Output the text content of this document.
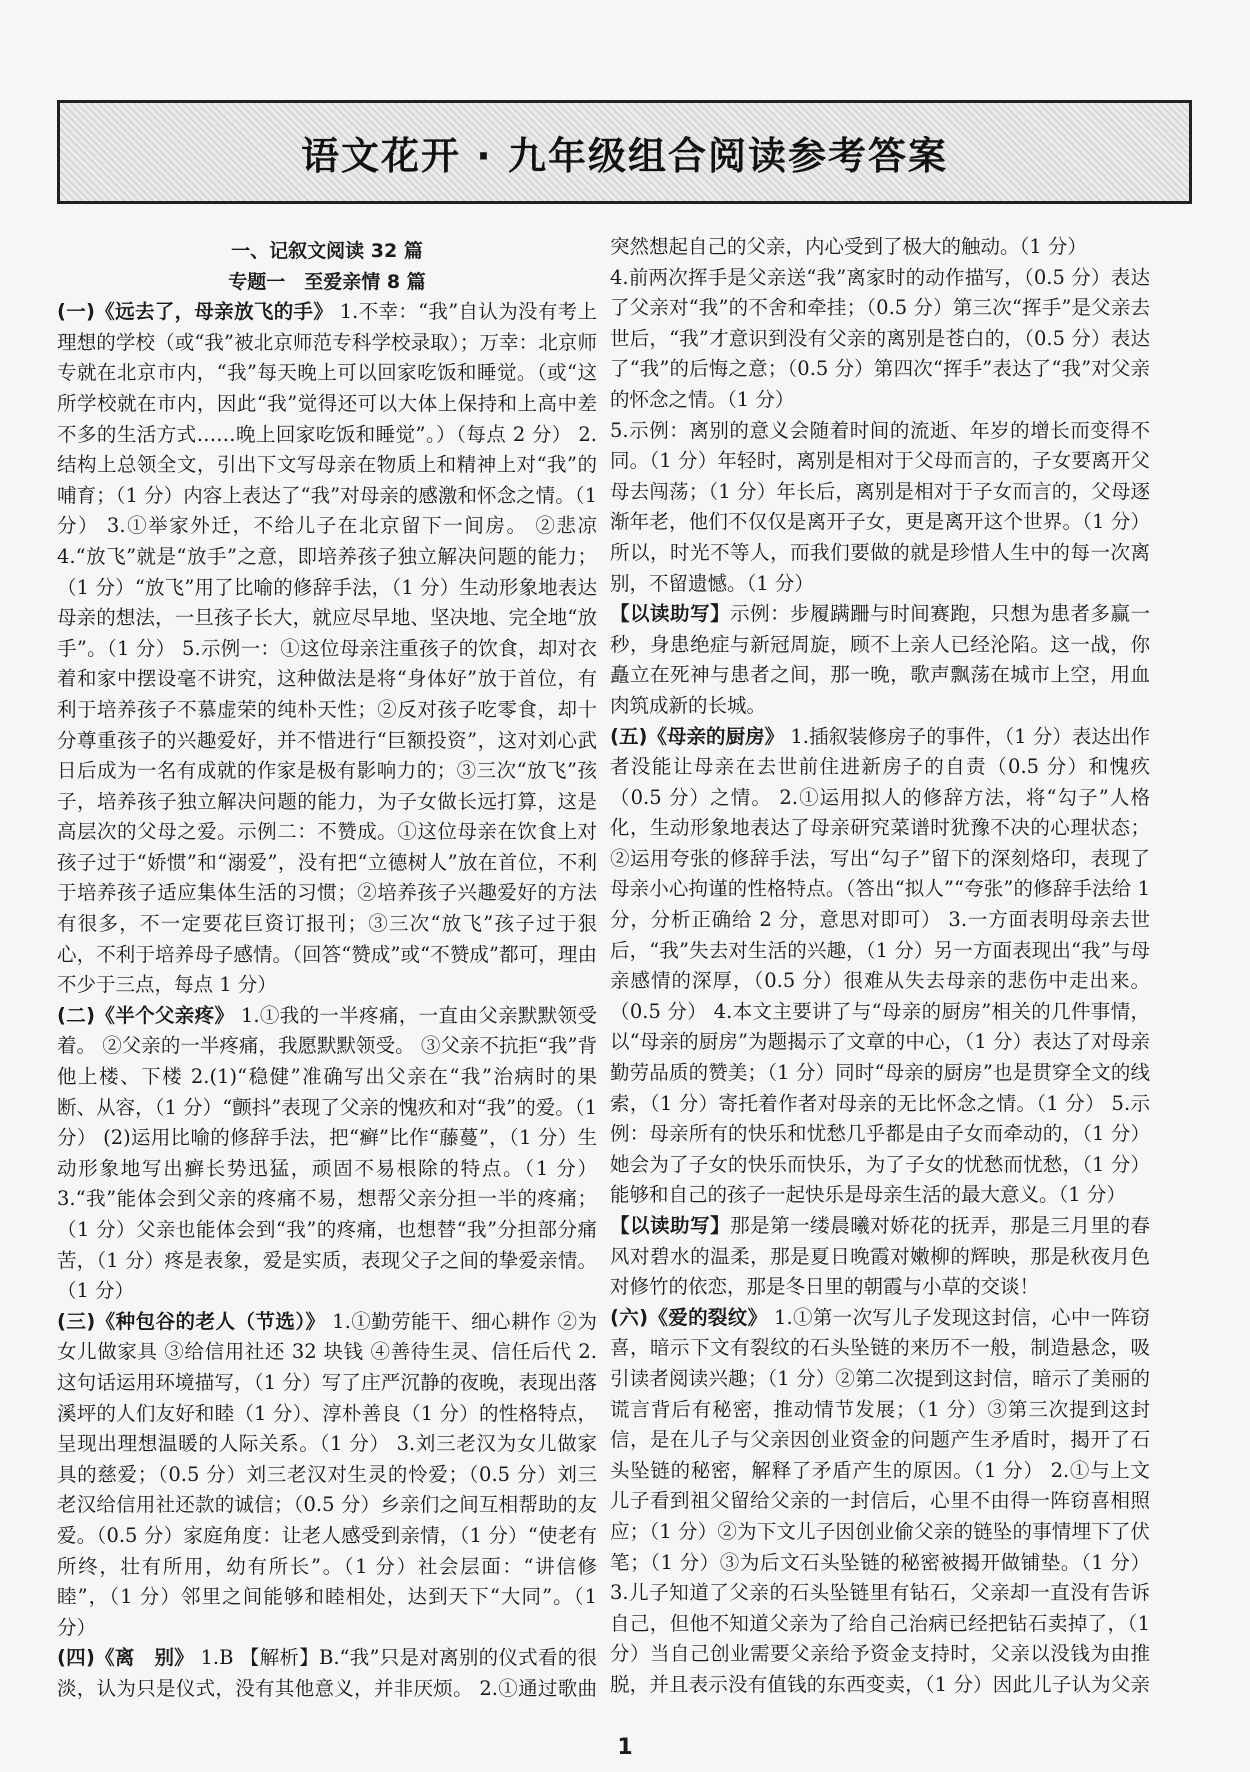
语文花开 · 九年级组合阅读参考答案

一、记叙文阅读 32 篇

专题一　至爱亲情 8 篇

(一)《远去了，母亲放飞的手》 1.不幸：“我”自认为没有考上理想的学校（或“我”被北京师范专科学校录取）；万幸：北京师专就在北京市内，“我”每天晚上可以回家吃饭和睡觉。（或“这所学校就在市内，因此“我”觉得还可以大体上保持和上高中差不多的生活方式……晚上回家吃饭和睡觉”。）（每点 2 分） 2.结构上总领全文，引出下文写母亲在物质上和精神上对“我”的哺育；（1 分）内容上表达了“我”对母亲的感激和怀念之情。（1 分） 3.①举家外迁，不给儿子在北京留下一间房。 ②悲凉 4.“放飞”就是“放手”之意，即培养孩子独立解决问题的能力；（1 分）“放飞”用了比喻的修辞手法，（1 分）生动形象地表达母亲的想法，一旦孩子长大，就应尽早地、坚决地、完全地“放手”。（1 分） 5.示例一：①这位母亲注重孩子的饮食，却对衣着和家中摆设毫不讲究，这种做法是将“身体好”放于首位，有利于培养孩子不慕虚荣的纯朴天性；②反对孩子吃零食，却十分尊重孩子的兴趣爱好，并不惜进行“巨额投资”，这对刘心武日后成为一名有成就的作家是极有影响力的；③三次“放飞”孩子，培养孩子独立解决问题的能力，为子女做长远打算，这是高层次的父母之爱。示例二：不赞成。①这位母亲在饮食上对孩子过于“娇惯”和“溺爱”，没有把“立德树人”放在首位，不利于培养孩子适应集体生活的习惯；②培养孩子兴趣爱好的方法有很多，不一定要花巨资订报刊；③三次“放飞”孩子过于狠心，不利于培养母子感情。（回答“赞成”或“不赞成”都可，理由不少于三点，每点 1 分）

(二)《半个父亲疼》 1.①我的一半疼痛，一直由父亲默默领受着。 ②父亲的一半疼痛，我愿默默领受。 ③父亲不抗拒“我”背他上楼、下楼 2.(1)“稳健”准确写出父亲在“我”治病时的果断、从容，（1 分）“颤抖”表现了父亲的愧疚和对“我”的爱。（1 分） (2)运用比喻的修辞手法，把“癣”比作“藤蔓”，（1 分）生动形象地写出癣长势迅猛，顽固不易根除的特点。（1 分） 3.“我”能体会到父亲的疼痛不易，想帮父亲分担一半的疼痛；（1 分）父亲也能体会到“我”的疼痛，也想替“我”分担部分痛苦，（1 分）疼是表象，爱是实质，表现父子之间的挚爱亲情。（1 分）

(三)《种包谷的老人（节选）》 1.①勤劳能干、细心耕作 ②为女儿做家具 ③给信用社还 32 块钱 ④善待生灵、信任后代 2.这句话运用环境描写，（1 分）写了庄严沉静的夜晚，表现出落溪坪的人们友好和睦（1 分）、淳朴善良（1 分）的性格特点，呈现出理想温暖的人际关系。（1 分） 3.刘三老汉为女儿做家具的慈爱；（0.5 分）刘三老汉对生灵的怜爱；（0.5 分）刘三老汉给信用社还款的诚信；（0.5 分）乡亲们之间互相帮助的友爱。（0.5 分）家庭角度：让老人感受到亲情，（1 分）“使老有所终，壮有所用，幼有所长”。（1 分）社会层面：“讲信修睦”，（1 分）邻里之间能够和睦相处，达到天下“大同”。（1 分）

(四)《离　别》 1.B 【解析】B.“我”只是对离别的仪式看的很淡，认为只是仪式，没有其他意义，并非厌烦。 2.①通过歌曲

突然想起自己的父亲，内心受到了极大的触动。（1 分）

4.前两次挥手是父亲送“我”离家时的动作描写，（0.5 分）表达了父亲对“我”的不舍和牵挂；（0.5 分）第三次“挥手”是父亲去世后，“我”才意识到没有父亲的离别是苍白的，（0.5 分）表达了“我”的后悔之意；（0.5 分）第四次“挥手”表达了“我”对父亲的怀念之情。（1 分）

5.示例：离别的意义会随着时间的流逝、年岁的增长而变得不同。（1 分）年轻时，离别是相对于父母而言的，子女要离开父母去闯荡；（1 分）年长后，离别是相对于子女而言的，父母逐渐年老，他们不仅仅是离开子女，更是离开这个世界。（1 分）所以，时光不等人，而我们要做的就是珍惜人生中的每一次离别，不留遗憾。（1 分）

【以读助写】示例：步履蹒跚与时间赛跑，只想为患者多赢一秒，身患绝症与新冠周旋，顾不上亲人已经沦陷。这一战，你矗立在死神与患者之间，那一晚，歌声飘荡在城市上空，用血肉筑成新的长城。

(五)《母亲的厨房》 1.插叙装修房子的事件，（1 分）表达出作者没能让母亲在去世前住进新房子的自责（0.5 分）和愧疚（0.5 分）之情。 2.①运用拟人的修辞方法，将“勾子”人格化，生动形象地表达了母亲研究菜谱时犹豫不决的心理状态；②运用夸张的修辞手法，写出“勾子”留下的深刻烙印，表现了母亲小心拘谨的性格特点。（答出“拟人”“夸张”的修辞手法给 1 分，分析正确给 2 分，意思对即可） 3.一方面表明母亲去世后，“我”失去对生活的兴趣，（1 分）另一方面表现出“我”与母亲感情的深厚，（0.5 分）很难从失去母亲的悲伤中走出来。（0.5 分） 4.本文主要讲了与“母亲的厨房”相关的几件事情，以“母亲的厨房”为题揭示了文章的中心，（1 分）表达了对母亲勤劳品质的赞美；（1 分）同时“母亲的厨房”也是贯穿全文的线索，（1 分）寄托着作者对母亲的无比怀念之情。（1 分） 5.示例：母亲所有的快乐和忧愁几乎都是由子女而牵动的，（1 分）她会为了子女的快乐而快乐，为了子女的忧愁而忧愁，（1 分）能够和自己的孩子一起快乐是母亲生活的最大意义。（1 分）

【以读助写】那是第一缕晨曦对娇花的抚弄，那是三月里的春风对碧水的温柔，那是夏日晚霞对嫩柳的辉映，那是秋夜月色对修竹的依恋，那是冬日里的朝霞与小草的交谈！

(六)《爱的裂纹》 1.①第一次写儿子发现这封信，心中一阵窃喜，暗示下文有裂纹的石头坠链的来历不一般，制造悬念，吸引读者阅读兴趣；（1 分）②第二次提到这封信，暗示了美丽的谎言背后有秘密，推动情节发展；（1 分）③第三次提到这封信，是在儿子与父亲因创业资金的问题产生矛盾时，揭开了石头坠链的秘密，解释了矛盾产生的原因。（1 分） 2.①与上文儿子看到祖父留给父亲的一封信后，心里不由得一阵窃喜相照应；（1 分）②为下文儿子因创业偷父亲的链坠的事情埋下了伏笔；（1 分）③为后文石头坠链的秘密被揭开做铺垫。（1 分） 3.儿子知道了父亲的石头坠链里有钻石，父亲却一直没有告诉自己，但他不知道父亲为了给自己治病已经把钻石卖掉了，（1 分）当自己创业需要父亲给予资金支持时，父亲以没钱为由推脱，并且表示没有值钱的东西变卖，（1 分）因此儿子认为父亲

1
